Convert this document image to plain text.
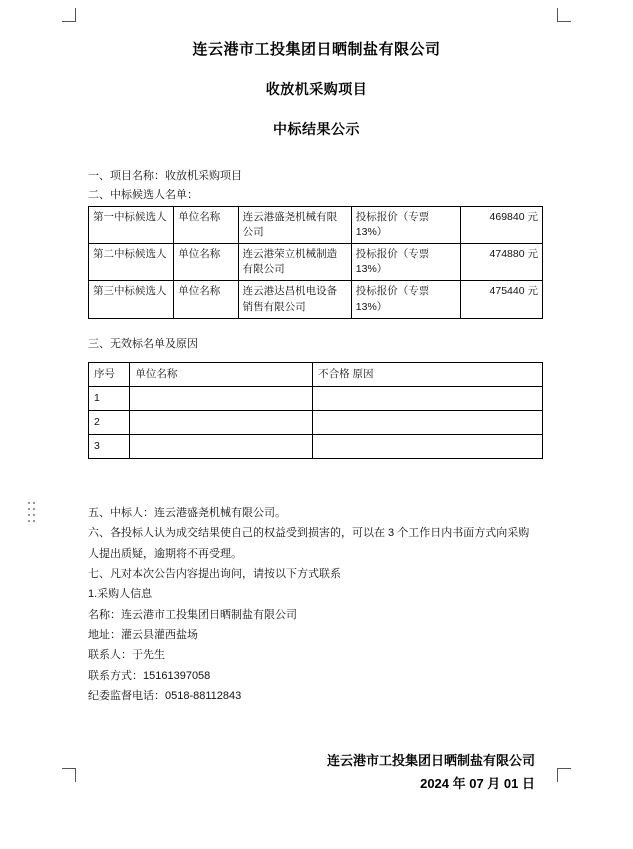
连云港市工投集团日晒制盐有限公司
收放机采购项目
中标结果公示
一、项目名称：收放机采购项目
二、中标候选人名单：
第一中标候选人	单位名称	连云港盛尧机械有限公司	投标报价（专票 13%）	469840 元
第二中标候选人	单位名称	连云港荣立机械制造有限公司	投标报价（专票 13%）	474880 元
第三中标候选人	单位名称	连云港达昌机电设备销售有限公司	投标报价（专票 13%）	475440 元
三、无效标名单及原因
序号	单位名称	不合格 原因
1		
2		
3		
五、中标人：连云港盛尧机械有限公司。
六、各投标人认为成交结果使自己的权益受到损害的，可以在 3 个工作日内书面方式向采购
人提出质疑，逾期将不再受理。
七、凡对本次公告内容提出询问，请按以下方式联系
1.采购人信息
名称：连云港市工投集团日晒制盐有限公司
地址：灌云县灌西盐场
联系人：于先生
联系方式：15161397058
纪委监督电话：0518-88112843
连云港市工投集团日晒制盐有限公司
2024 年 07 月 01 日
